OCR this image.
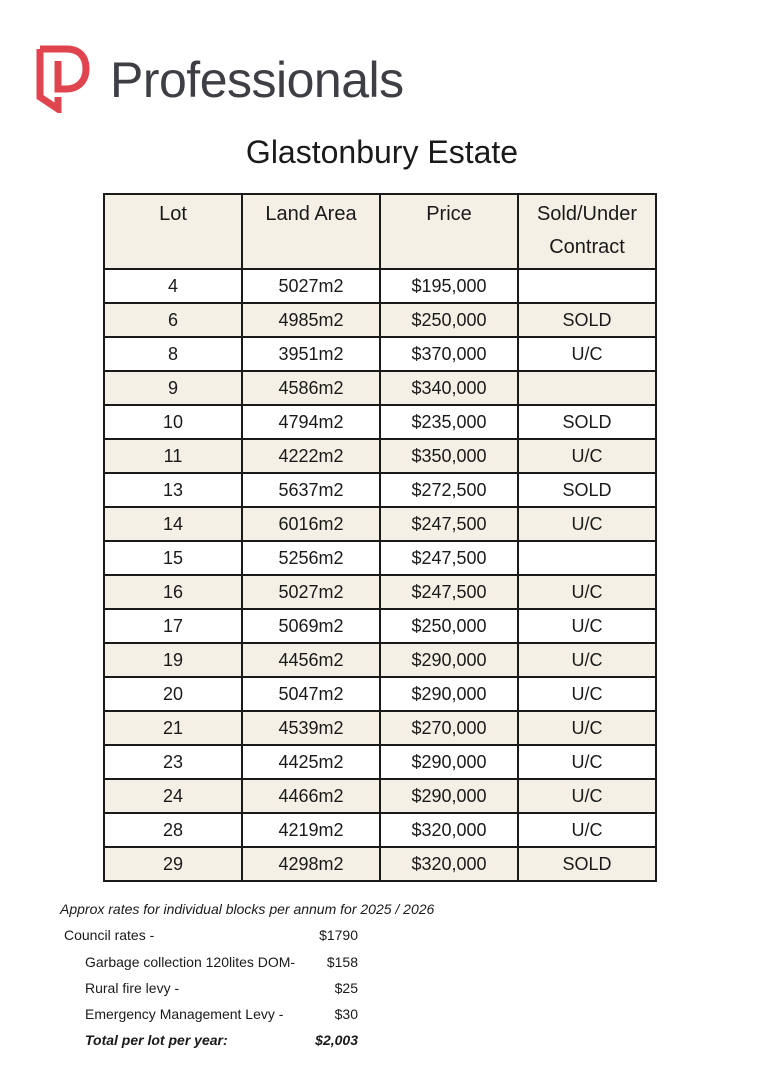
Professionals
Glastonbury Estate
Lot	Land Area	Price	Sold/Under Contract
4	5027m2	$195,000	
6	4985m2	$250,000	SOLD
8	3951m2	$370,000	U/C
9	4586m2	$340,000	
10	4794m2	$235,000	SOLD
11	4222m2	$350,000	U/C
13	5637m2	$272,500	SOLD
14	6016m2	$247,500	U/C
15	5256m2	$247,500	
16	5027m2	$247,500	U/C
17	5069m2	$250,000	U/C
19	4456m2	$290,000	U/C
20	5047m2	$290,000	U/C
21	4539m2	$270,000	U/C
23	4425m2	$290,000	U/C
24	4466m2	$290,000	U/C
28	4219m2	$320,000	U/C
29	4298m2	$320,000	SOLD
Approx rates for individual blocks per annum for 2025 / 2026
Council rates -	$1790
Garbage collection 120lites DOM- $158
Rural fire levy -	$25
Emergency Management Levy -	$30
Total per lot per year:	$2,003
